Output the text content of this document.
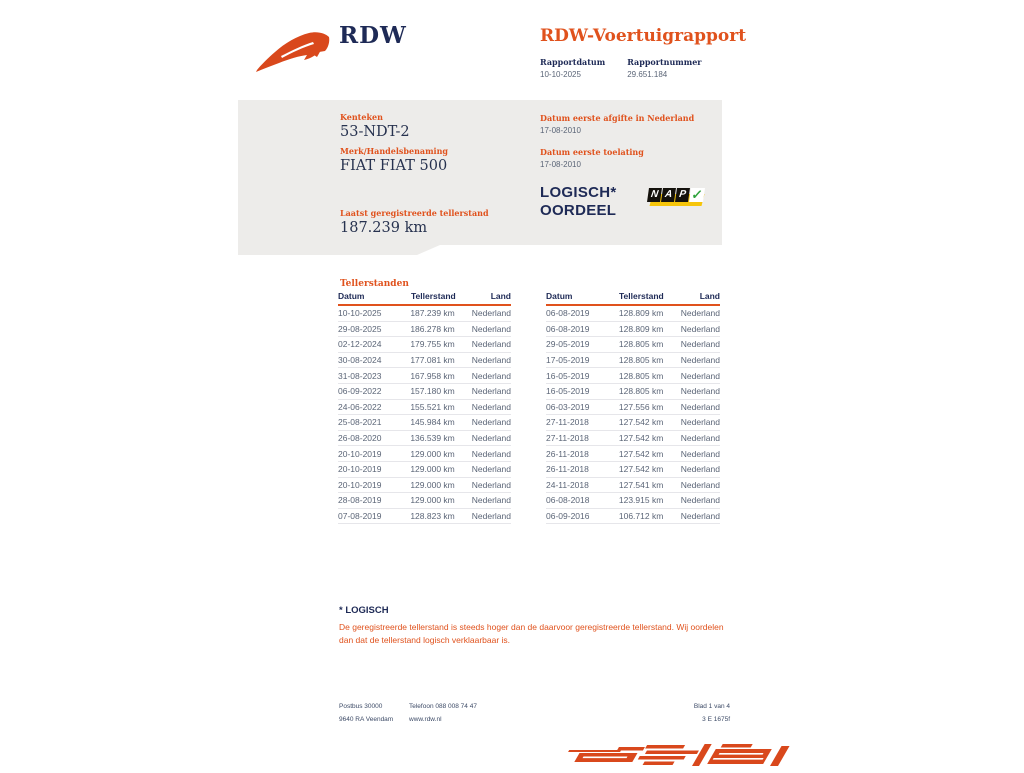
RDW	RDW-Voertuigrapport
Rapportdatum
10-10-2025
Rapportnummer
29.651.184
Kenteken
53-NDT-2
Merk/Handelsbenaming
FIAT FIAT 500
Laatst geregistreerde tellerstand
187.239 km
Datum eerste afgifte in Nederland
17-08-2010
Datum eerste toelating
17-08-2010
LOGISCH*
OORDEEL
N A P ✓
Tellerstanden
Datum	Tellerstand	Land
10-10-2025	187.239 km	Nederland
29-08-2025	186.278 km	Nederland
02-12-2024	179.755 km	Nederland
30-08-2024	177.081 km	Nederland
31-08-2023	167.958 km	Nederland
06-09-2022	157.180 km	Nederland
24-06-2022	155.521 km	Nederland
25-08-2021	145.984 km	Nederland
26-08-2020	136.539 km	Nederland
20-10-2019	129.000 km	Nederland
20-10-2019	129.000 km	Nederland
20-10-2019	129.000 km	Nederland
28-08-2019	129.000 km	Nederland
07-08-2019	128.823 km	Nederland
Datum	Tellerstand	Land
06-08-2019	128.809 km	Nederland
06-08-2019	128.809 km	Nederland
29-05-2019	128.805 km	Nederland
17-05-2019	128.805 km	Nederland
16-05-2019	128.805 km	Nederland
16-05-2019	128.805 km	Nederland
06-03-2019	127.556 km	Nederland
27-11-2018	127.542 km	Nederland
27-11-2018	127.542 km	Nederland
26-11-2018	127.542 km	Nederland
26-11-2018	127.542 km	Nederland
24-11-2018	127.541 km	Nederland
06-08-2018	123.915 km	Nederland
06-09-2016	106.712 km	Nederland
* LOGISCH
De geregistreerde tellerstand is steeds hoger dan de daarvoor geregistreerde tellerstand. Wij oordelen dan dat de tellerstand logisch verklaarbaar is.
Postbus 30000
9640 RA Veendam
Telefoon 088 008 74 47
www.rdw.nl
Blad 1 van 4
3 E 1675f
